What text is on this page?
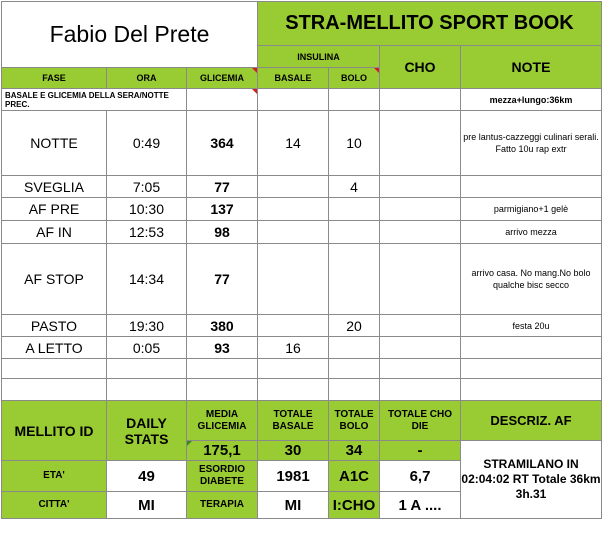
Fabio Del Prete			STRA-MELLITO SPORT BOOK			
			INSULINA		CHO	NOTE
FASE	ORA	GLICEMIA	BASALE	BOLO		
BASALE E GLICEMIA DELLA SERA/NOTTE PREC.						mezza+lungo:36km
NOTTE	0:49	364	14	10		pre lantus-cazzeggi culinari serali. Fatto 10u rap extr
SVEGLIA	7:05	77		4		
AF PRE	10:30	137				parmigiano+1 gelè
AF IN	12:53	98				arrivo mezza
AF STOP	14:34	77				arrivo casa. No mang.No bolo qualche bisc secco
PASTO	19:30	380		20		festa 20u
A LETTO	0:05	93	16			

MELLITO ID	DAILY STATS	MEDIA GLICEMIA	TOTALE BASALE	TOTALE BOLO	TOTALE CHO DIE	DESCRIZ. AF
		175,1	30	34	-	STRAMILANO IN 02:04:02 RT Totale 36km 3h.31
ETA'	49	ESORDIO DIABETE	1981	A1C	6,7	
CITTA'	MI	TERAPIA	MI	I:CHO	1 A ....	
